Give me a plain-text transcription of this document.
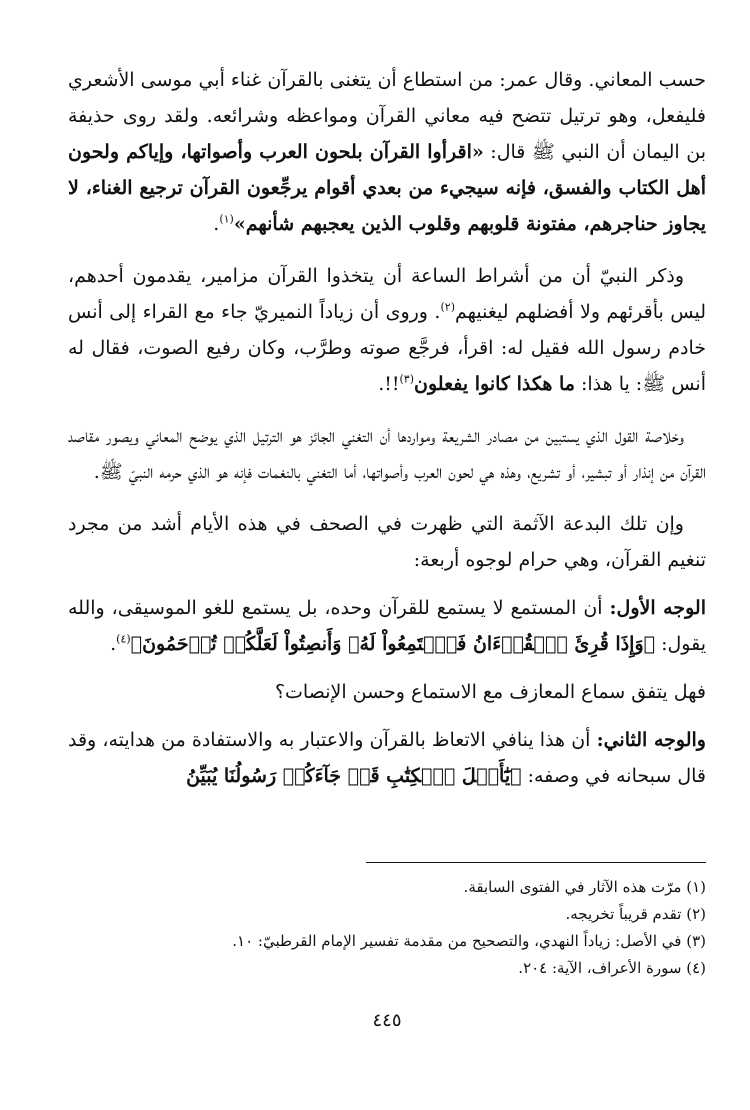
حسب المعاني. وقال عمر: من استطاع أن يتغنى بالقرآن غناء أبي موسى الأشعري فليفعل، وهو ترتيل تتضح فيه معاني القرآن ومواعظه وشرائعه. ولقد روى حذيفة بن اليمان أن النبي ﷺ قال: «اقرأوا القرآن بلحون العرب وأصواتها، وإياكم ولحون أهل الكتاب والفسق، فإنه سيجيء من بعدي أقوام يرجِّعون القرآن ترجيع الغناء، لا يجاوز حناجرهم، مفتونة قلوبهم وقلوب الذين يعجبهم شأنهم»$^{(١)}$.

وذكر النبيّ أن من أشراط الساعة أن يتخذوا القرآن مزامير، يقدمون أحدهم، ليس بأقرئهم ولا أفضلهم ليغنيهم$^{(٢)}$. وروى أن زياداً النميريّ جاء مع القراء إلى أنس خادم رسول الله فقيل له: اقرأ، فرجَّع صوته وطرَّب، وكان رفيع الصوت، فقال له أنس ﷺ: يا هذا: ما هكذا كانوا يفعلون$^{(٣)}$!!.

وخلاصة القول الذي يستبين من مصادر الشريعة ومواردها أن التغني الجائز هو الترتيل الذي يوضح المعاني ويصور مقاصد القرآن من إنذار أو تبشير، أو تشريع، وهذه هي لحون العرب وأصواتها، أما التغني بالنغمات فإنه هو الذي حرمه النبيّ ﷺ.

وإن تلك البدعة الآثمة التي ظهرت في الصحف في هذه الأيام أشد من مجرد تنغيم القرآن، وهي حرام لوجوه أربعة:

الوجه الأول: أن المستمع لا يستمع للقرآن وحده، بل يستمع للغو الموسيقى، والله يقول: ﴿وَإِذَا قُرِئَ ٱلۡقُرۡءَانُ فَٱسۡتَمِعُواْ لَهُۥ وَأَنصِتُواْ لَعَلَّكُمۡ تُرۡحَمُونَ﴾$^{(٤)}$.

فهل يتفق سماع المعازف مع الاستماع وحسن الإنصات؟

والوجه الثاني: أن هذا ينافي الاتعاظ بالقرآن والاعتبار به والاستفادة من هدايته، وقد قال سبحانه في وصفه: ﴿يَٰٓأَهۡلَ ٱلۡكِتَٰبِ قَدۡ جَآءَكُمۡ رَسُولُنَا يُبَيِّنُ

(١) مرّت هذه الآثار في الفتوى السابقة.

(٢) تقدم قريباً تخريجه.

(٣) في الأصل: زياداً النهدي، والتصحيح من مقدمة تفسير الإمام القرطبيّ: ١٠.

(٤) سورة الأعراف، الآية: ٢٠٤.

٤٤٥
